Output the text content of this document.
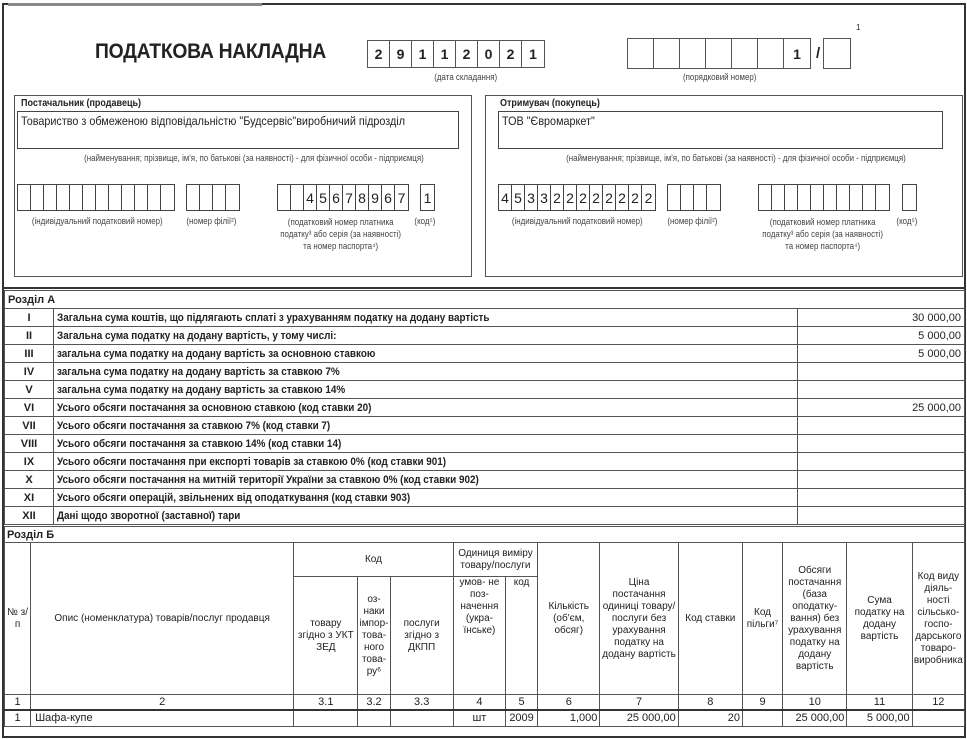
ПОДАТКОВА НАКЛАДНА	2	9	1	1	2	0	2	1
(дата складання)
1	/
1
(порядковий номер)
Постачальник (продавець)
Товариство з обмеженою відповідальністю "Будсервіс"виробничий підрозділ
(найменування; прізвище, ім'я, по батькові (за наявності) - для фізичної особи - підприємця)
(індивідуальний податковий номер)	(номер філії²)
4 5 6 7 8 9 6 7
(податковий номер платника
податку³ або серія (за наявності)
та номер паспорта⁴)
1
(код⁵)
Отримувач (покупець)
ТОВ "Євромаркет"
(найменування; прізвище, ім'я, по батькові (за наявності) - для фізичної особи - підприємця)
4 5 3 3 2 2 2 2 2 2 2 2
(індивідуальний податковий номер)	(номер філії²)	(податковий номер платника
податку³ або серія (за наявності)
та номер паспорта⁴)
(код⁵)
Розділ А		
I	Загальна сума коштів, що підлягають сплаті з урахуванням податку на додану вартість	30 000,00
II	Загальна сума податку на додану вартість, у тому числі:	5 000,00
III	загальна сума податку на додану вартість за основною ставкою	5 000,00
IV	загальна сума податку на додану вартість за ставкою 7%	
V	загальна сума податку на додану вартість за ставкою 14%	
VI	Усього обсяги постачання за основною ставкою (код ставки 20)	25 000,00
VII	Усього обсяги постачання за ставкою 7% (код ставки 7)	
VIII	Усього обсяги постачання за ставкою 14% (код ставки 14)	
IX	Усього обсяги постачання при експорті товарів за ставкою 0% (код ставки 901)	
X	Усього обсяги постачання на митній території України за ставкою 0% (код ставки 902)	
XI	Усього обсяги операцій, звільнених від оподаткування (код ставки 903)	
XII	Дані щодо зворотної (заставної) тари	
Розділ Б													
№ з/п	Опис (номенклатура) товарів/послуг продавця	Код			Одиниця виміру товару/послуги		Кількість (об'єм, обсяг)	Ціна постачання одиниці товару/ послуги без урахування податку на додану вартість	Код ставки	Код пільги⁷	Обсяги постачання (база оподатку- вання) без урахування податку на додану вартість	Сума податку на додану вартість	Код виду діяль- ності сільсько- госпо- дарського товаро- виробника
		товару згідно з УКТ ЗЕД	оз- наки імпор- това- ного това- ру⁶	послуги згідно з ДКПП	умов- не поз- начення (укра- їнське)	код							
1	2	3.1	3.2	3.3	4	5	6	7	8	9	10	11	12
1	Шафа-купе				шт	2009	1,000	25 000,00	20		25 000,00	5 000,00	
